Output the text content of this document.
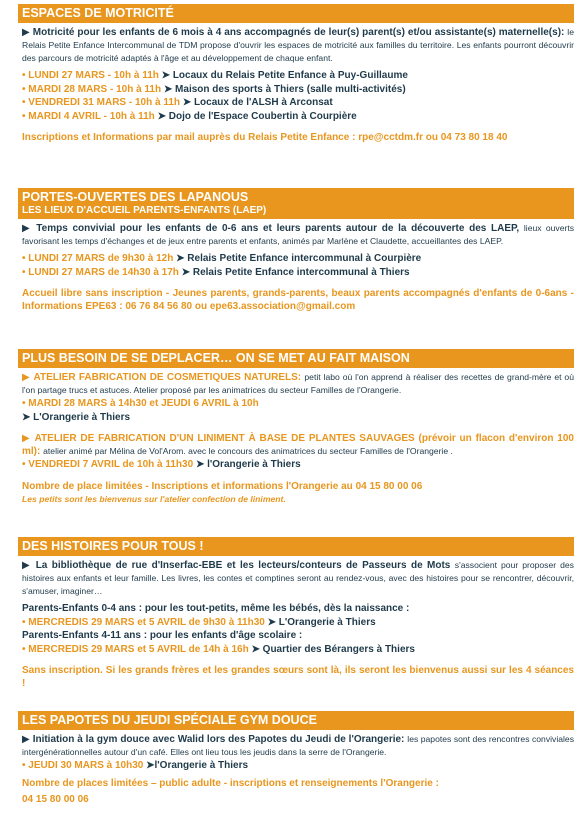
ESPACES DE MOTRICITÉ
▶ Motricité pour les enfants de 6 mois à 4 ans accompagnés de leur(s) parent(s) et/ou assistante(s) maternelle(s): le Relais Petite Enfance Intercommunal de TDM propose d'ouvrir les espaces de motricité aux familles du territoire. Les enfants pourront découvrir des parcours de motricité adaptés à l'âge et au développement de chaque enfant.
• LUNDI 27 MARS - 10h à 11h ➤ Locaux du Relais Petite Enfance à Puy-Guillaume
• MARDI 28 MARS - 10h à 11h ➤ Maison des sports à Thiers (salle multi-activités)
• VENDREDI 31 MARS - 10h à 11h ➤ Locaux de l'ALSH à Arconsat
• MARDI 4 AVRIL - 10h à 11h ➤ Dojo de l'Espace Coubertin à Courpière
Inscriptions et Informations par mail auprès du Relais Petite Enfance : rpe@cctdm.fr ou 04 73 80 18 40
PORTES-OUVERTES DES LAPANOUS
LES LIEUX D'ACCUEIL PARENTS-ENFANTS (LAEP)
▶ Temps convivial pour les enfants de 0-6 ans et leurs parents autour de la découverte des LAEP, lieux ouverts favorisant les temps d'échanges et de jeux entre parents et enfants, animés par Marlène et Claudette, accueillantes des LAEP.
• LUNDI 27 MARS de 9h30 à 12h ➤ Relais Petite Enfance intercommunal à Courpière
• LUNDI 27 MARS de 14h30 à 17h ➤ Relais Petite Enfance intercommunal à Thiers
Accueil libre sans inscription - Jeunes parents, grands-parents, beaux parents accompagnés d'enfants de 0-6ans - Informations EPE63 : 06 76 84 56 80 ou epe63.association@gmail.com
PLUS BESOIN DE SE DEPLACER… ON SE MET AU FAIT MAISON
▶ ATELIER FABRICATION DE COSMETIQUES NATURELS: petit labo où l'on apprend à réaliser des recettes de grand-mère et où l'on partage trucs et astuces. Atelier proposé par les animatrices du secteur Familles de l'Orangerie.
• MARDI 28 MARS à 14h30 et JEUDI 6 AVRIL à 10h
➤ L'Orangerie à Thiers
▶ ATELIER DE FABRICATION D'UN LINIMENT À BASE DE PLANTES SAUVAGES (prévoir un flacon d'environ 100 ml): atelier animé par Mélina de Vol'Arom. avec le concours des animatrices du secteur Familles de l'Orangerie .
• VENDREDI 7 AVRIL de 10h à 11h30 ➤ l'Orangerie à Thiers
Nombre de place limitées - Inscriptions et informations l'Orangerie au 04 15 80 00 06
Les petits sont les bienvenus sur l'atelier confection de liniment.
DES HISTOIRES POUR TOUS !
▶ La bibliothèque de rue d'Inserfac-EBE et les lecteurs/conteurs de Passeurs de Mots s'associent pour proposer des histoires aux enfants et leur famille. Les livres, les contes et comptines seront au rendez-vous, avec des histoires pour se rencontrer, découvrir, s'amuser, imaginer…
Parents-Enfants 0-4 ans : pour les tout-petits, même les bébés, dès la naissance :
• MERCREDIS 29 MARS et 5 AVRIL de 9h30 à 11h30 ➤ L'Orangerie à Thiers
Parents-Enfants 4-11 ans : pour les enfants d'âge scolaire :
• MERCREDIS 29 MARS et 5 AVRIL de 14h à 16h ➤ Quartier des Bérangers à Thiers
Sans inscription. Si les grands frères et les grandes sœurs sont là, ils seront les bienvenus aussi sur les 4 séances !
LES PAPOTES DU JEUDI SPÉCIALE GYM DOUCE
▶ Initiation à la gym douce avec Walid lors des Papotes du Jeudi de l'Orangerie: les papotes sont des rencontres conviviales intergénérationnelles autour d'un café. Elles ont lieu tous les jeudis dans la serre de l'Orangerie.
• JEUDI 30 MARS à 10h30 ➤l'Orangerie à Thiers
Nombre de places limitées – public adulte - inscriptions et renseignements l'Orangerie :
04 15 80 00 06
